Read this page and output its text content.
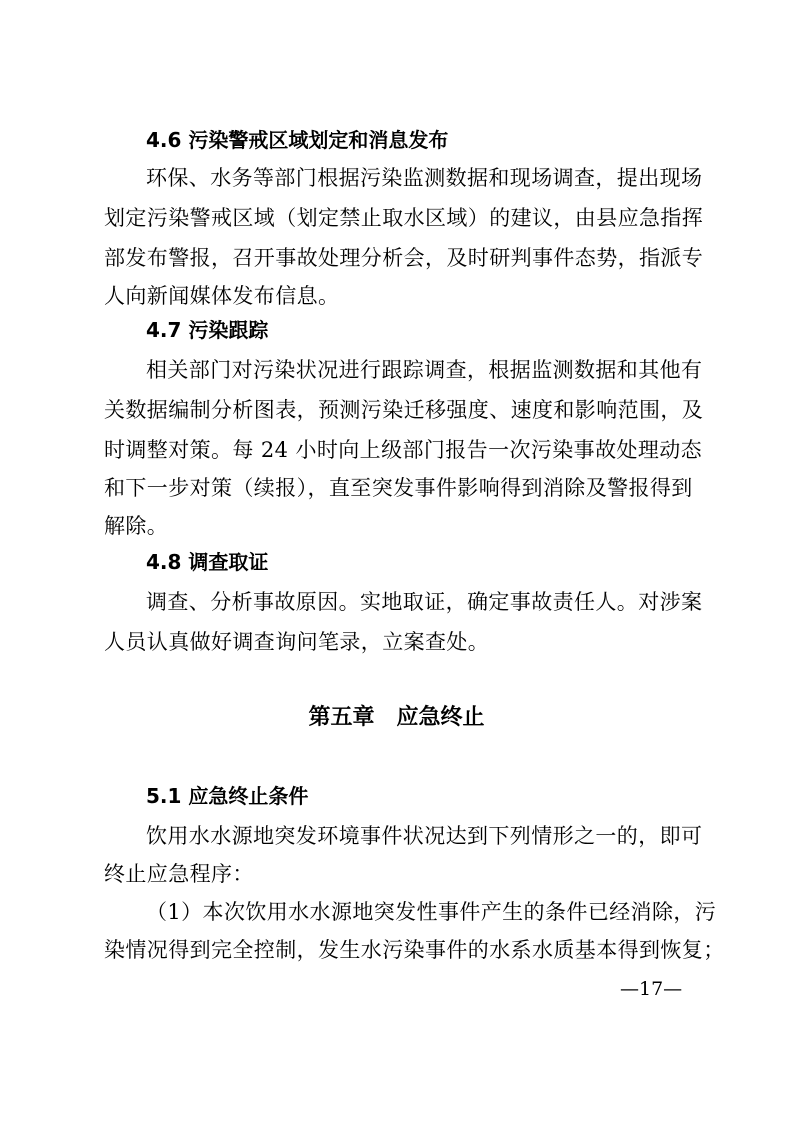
4.6 污染警戒区域划定和消息发布
环保、水务等部门根据污染监测数据和现场调查，提出现场
划定污染警戒区域（划定禁止取水区域）的建议，由县应急指挥
部发布警报，召开事故处理分析会，及时研判事件态势，指派专
人向新闻媒体发布信息。
4.7 污染跟踪
相关部门对污染状况进行跟踪调查，根据监测数据和其他有
关数据编制分析图表，预测污染迁移强度、速度和影响范围，及
时调整对策。每 24 小时向上级部门报告一次污染事故处理动态
和下一步对策（续报），直至突发事件影响得到消除及警报得到
解除。
4.8 调查取证
调查、分析事故原因。实地取证，确定事故责任人。对涉案
人员认真做好调查询问笔录，立案查处。
第五章　应急终止
5.1 应急终止条件
饮用水水源地突发环境事件状况达到下列情形之一的，即可
终止应急程序：
（1）本次饮用水水源地突发性事件产生的条件已经消除，污
染情况得到完全控制，发生水污染事件的水系水质基本得到恢复；
—17—
